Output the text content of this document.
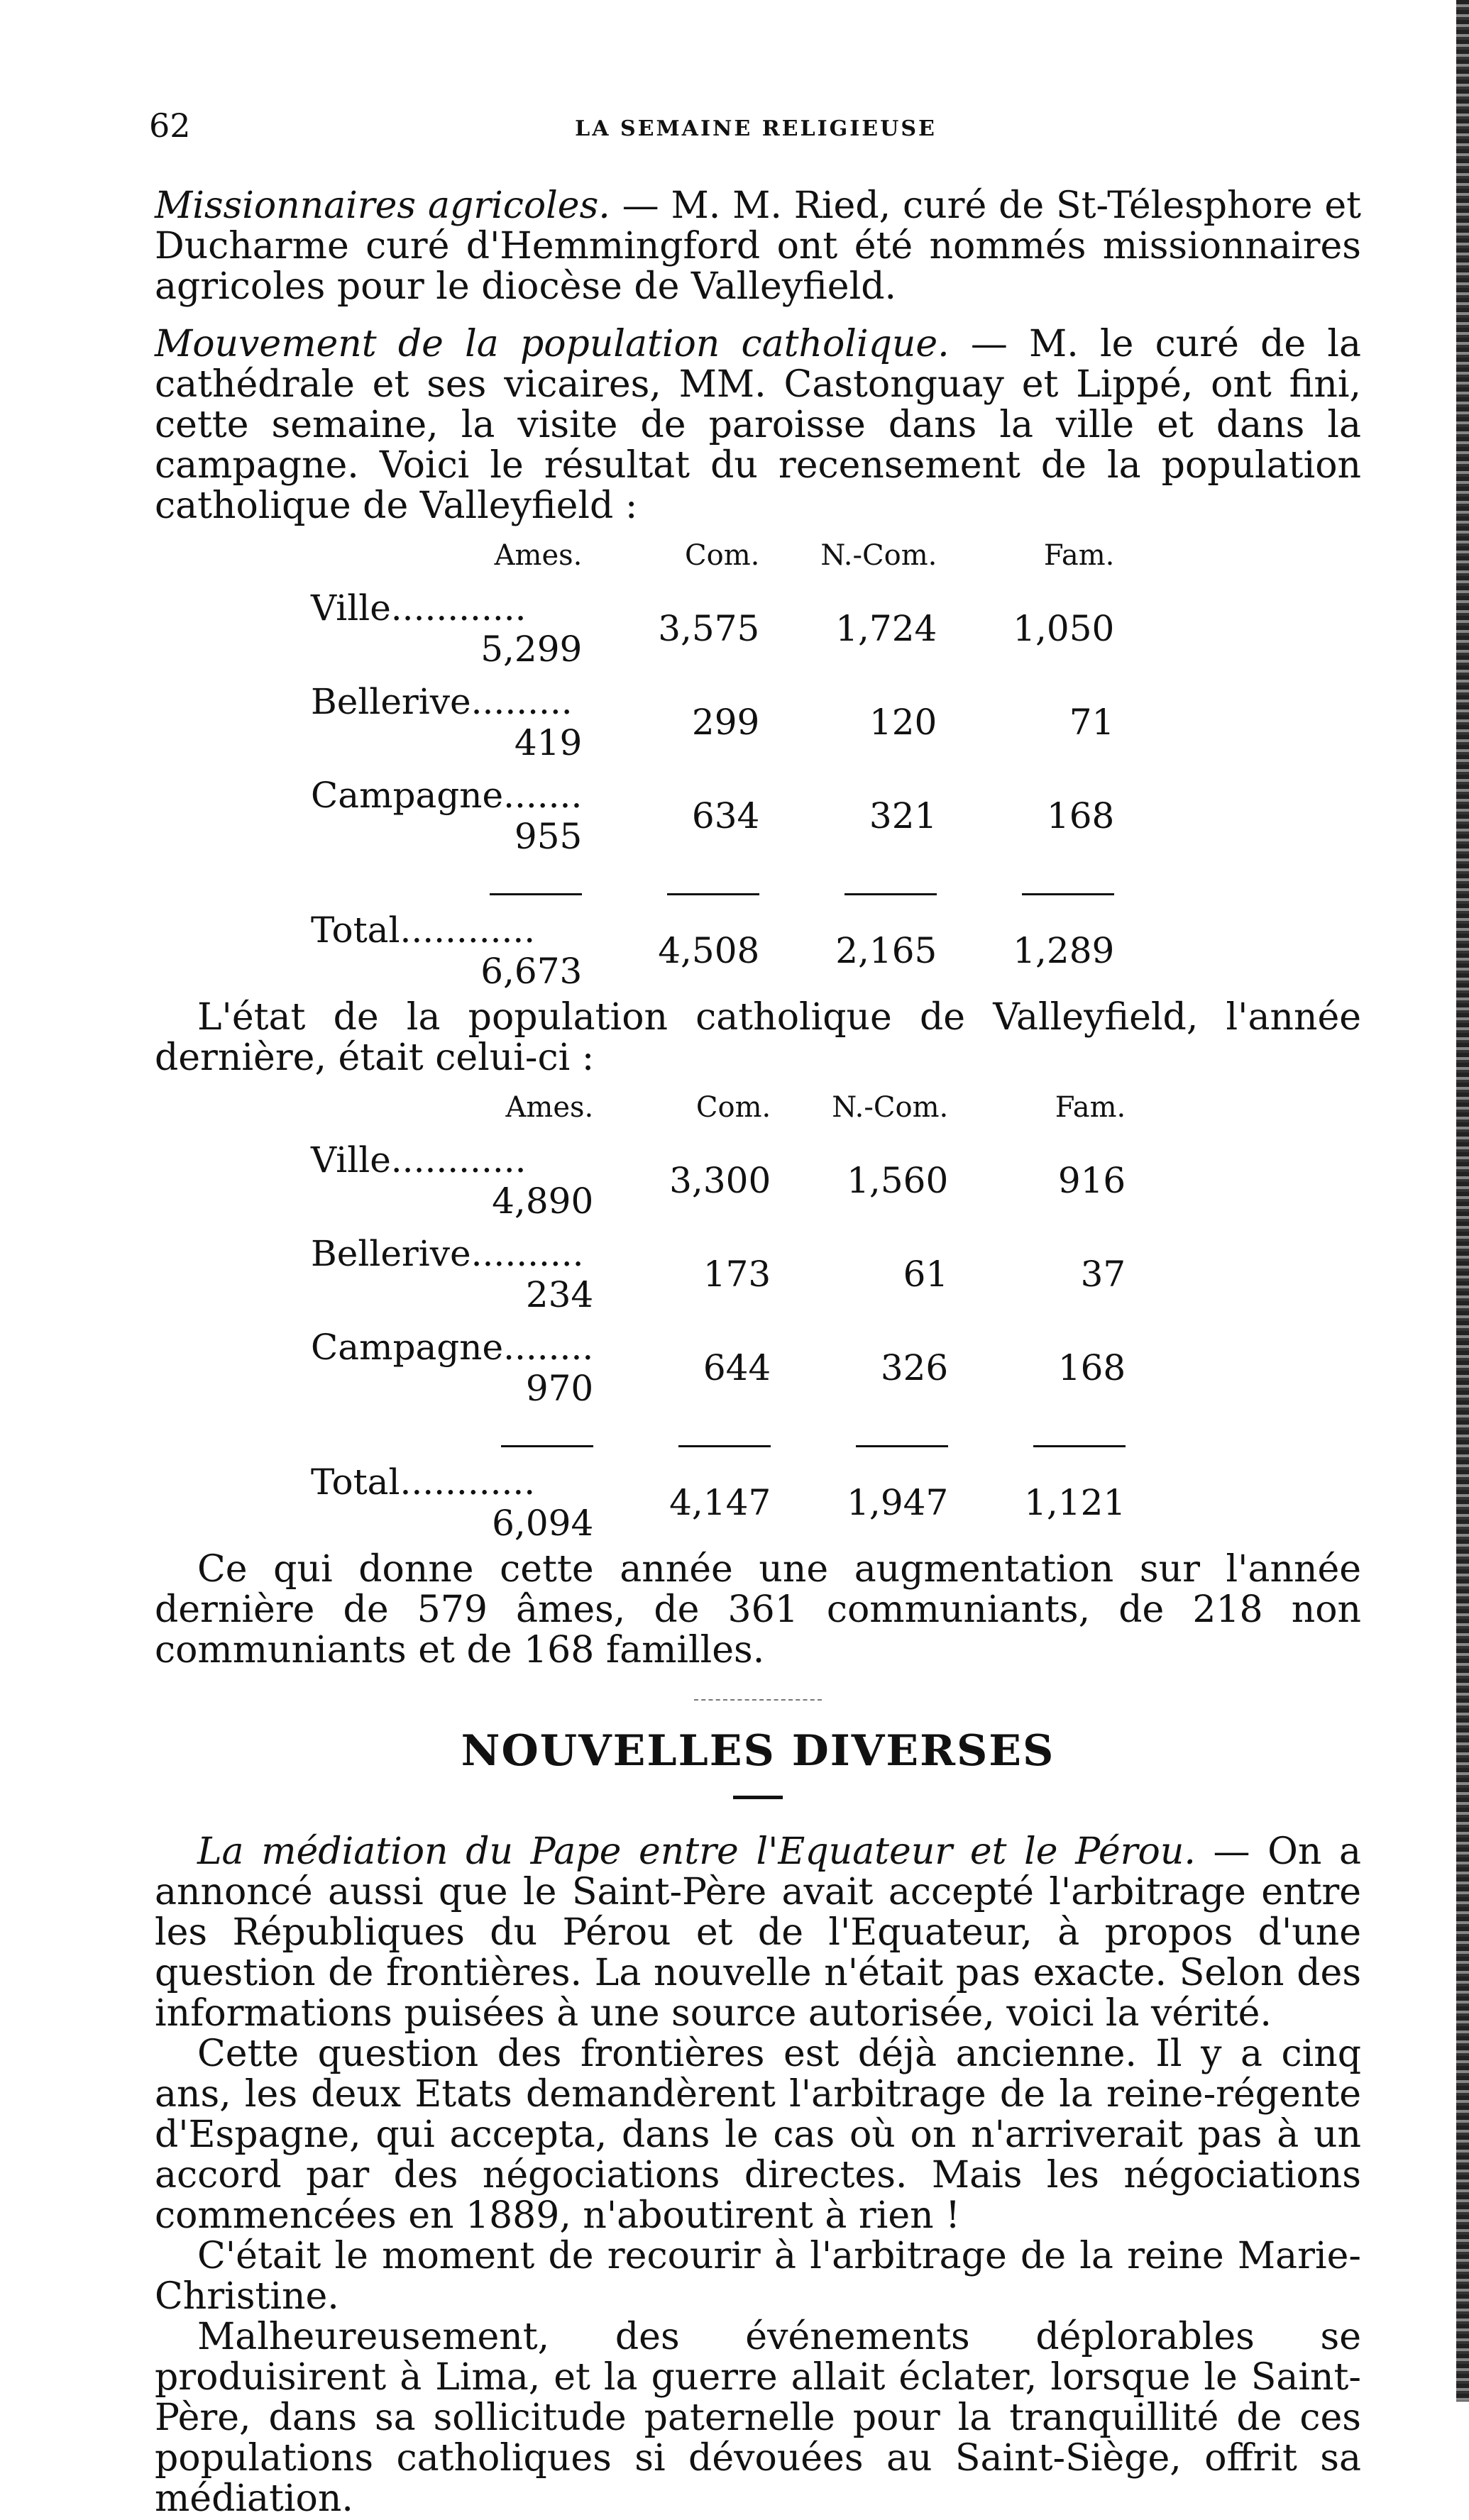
62	LA SEMAINE RELIGIEUSE

Missionnaires agricoles. — M. M. Ried, curé de St-Télesphore et Ducharme curé d'Hemmingford ont été nommés missionnaires agricoles pour le diocèse de Valleyfield.

Mouvement de la population catholique. — M. le curé de la cathédrale et ses vicaires, MM. Castonguay et Lippé, ont fini, cette semaine, la visite de paroisse dans la ville et dans la campagne. Voici le résultat du recensement de la population catholique de Valleyfield :

Ames.	Com.	N.-Com.	Fam.

Ville............
5,299	3,575	1,724	1,050

Bellerive.........
419	299	120	71

Campagne.......
955	634	321	168

Total............
6,673	4,508	2,165	1,289

L'état de la population catholique de Valleyfield, l'année dernière, était celui-ci :

Ames.	Com.	N.-Com.	Fam.

Ville............
4,890	3,300	1,560	916

Bellerive..........
234	173	61	37

Campagne........
970	644	326	168

Total............
6,094	4,147	1,947	1,121

Ce qui donne cette année une augmentation sur l'année dernière de 579 âmes, de 361 communiants, de 218 non communiants et de 168 familles.

NOUVELLES DIVERSES

La médiation du Pape entre l'Equateur et le Pérou. — On a annoncé aussi que le Saint-Père avait accepté l'arbitrage entre les Républiques du Pérou et de l'Equateur, à propos d'une question de frontières. La nouvelle n'était pas exacte. Selon des informations puisées à une source autorisée, voici la vérité.

Cette question des frontières est déjà ancienne. Il y a cinq ans, les deux Etats demandèrent l'arbitrage de la reine-régente d'Espagne, qui accepta, dans le cas où on n'arriverait pas à un accord par des négociations directes. Mais les négociations commencées en 1889, n'aboutirent à rien !

C'était le moment de recourir à l'arbitrage de la reine Marie-Christine.

Malheureusement, des événements déplorables se produisirent à Lima, et la guerre allait éclater, lorsque le Saint-Père, dans sa sollicitude paternelle pour la tranquillité de ces populations catholiques si dévouées au Saint-Siège, offrit sa médiation.
